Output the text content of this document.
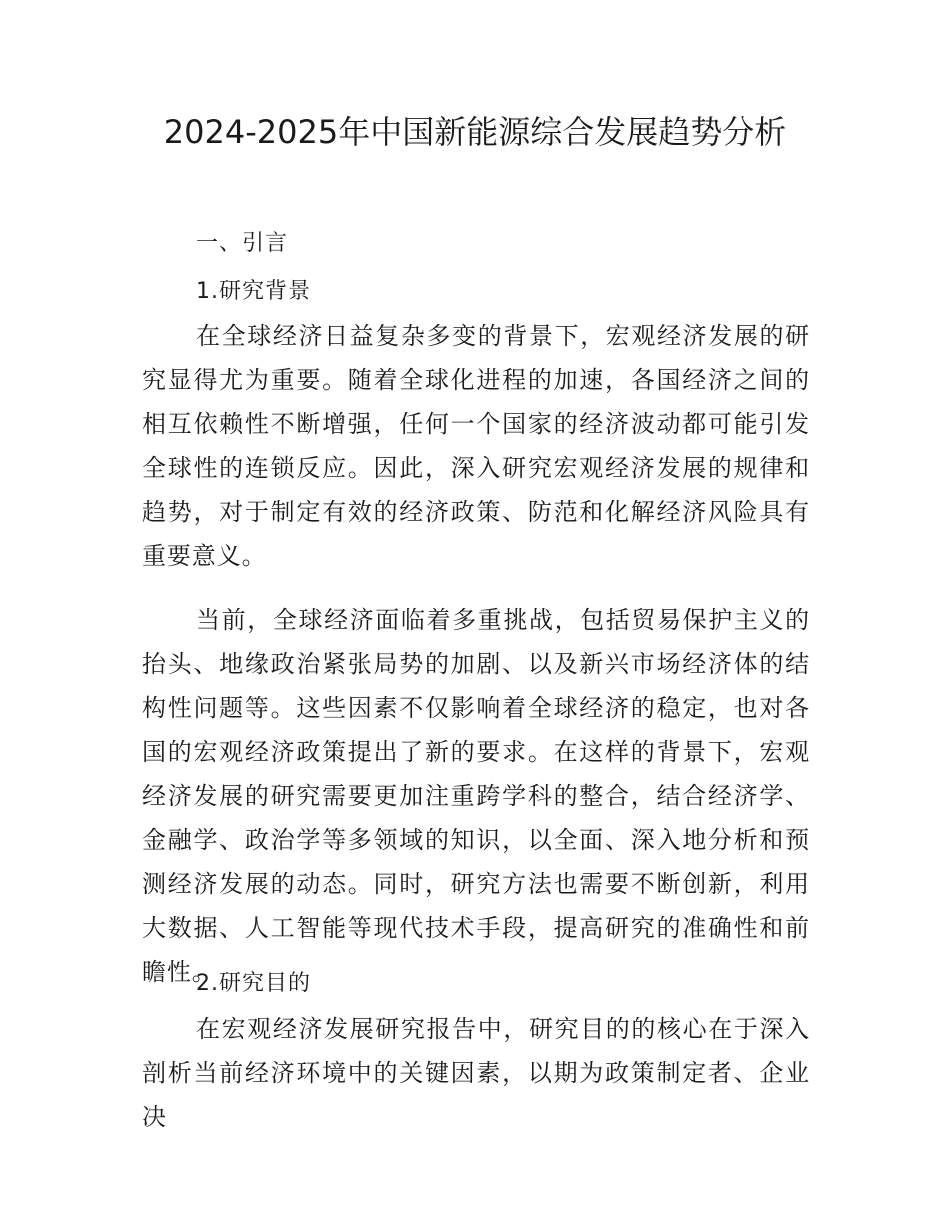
2024-2025年中国新能源综合发展趋势分析
一、引言
1.研究背景

在全球经济日益复杂多变的背景下，宏观经济发展的研究显得尤为重要。随着全球化进程的加速，各国经济之间的相互依赖性不断增强，任何一个国家的经济波动都可能引发全球性的连锁反应。因此，深入研究宏观经济发展的规律和趋势，对于制定有效的经济政策、防范和化解经济风险具有重要意义。

当前，全球经济面临着多重挑战，包括贸易保护主义的抬头、地缘政治紧张局势的加剧、以及新兴市场经济体的结构性问题等。这些因素不仅影响着全球经济的稳定，也对各国的宏观经济政策提出了新的要求。在这样的背景下，宏观经济发展的研究需要更加注重跨学科的整合，结合经济学、金融学、政治学等多领域的知识，以全面、深入地分析和预测经济发展的动态。同时，研究方法也需要不断创新，利用大数据、人工智能等现代技术手段，提高研究的准确性和前瞻性。

2.研究目的

在宏观经济发展研究报告中，研究目的的核心在于深入剖析当前经济环境中的关键因素，以期为政策制定者、企业决
